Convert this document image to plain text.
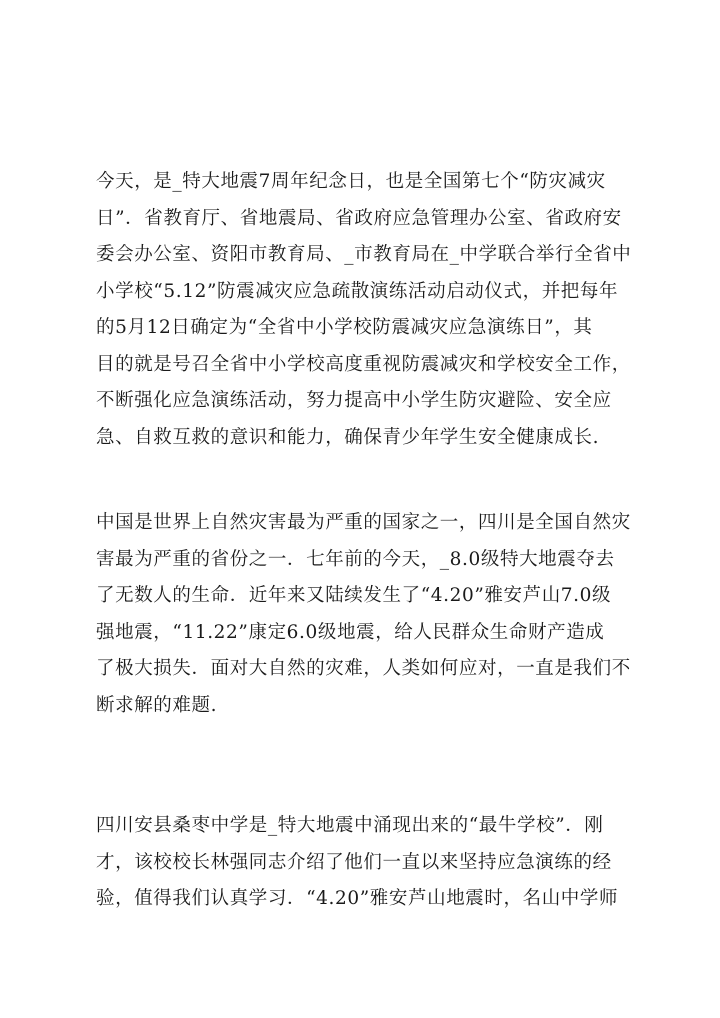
今天，是_特大地震7周年纪念日，也是全国第七个“防灾减灾
日”．省教育厅、省地震局、省政府应急管理办公室、省政府安
委会办公室、资阳市教育局、_市教育局在_中学联合举行全省中
小学校“5.12”防震减灾应急疏散演练活动启动仪式，并把每年
的5月12日确定为“全省中小学校防震减灾应急演练日”，其
目的就是号召全省中小学校高度重视防震减灾和学校安全工作，
不断强化应急演练活动，努力提高中小学生防灾避险、安全应
急、自救互救的意识和能力，确保青少年学生安全健康成长.
中国是世界上自然灾害最为严重的国家之一，四川是全国自然灾
害最为严重的省份之一．七年前的今天，_8.0级特大地震夺去
了无数人的生命．近年来又陆续发生了“4.20”雅安芦山7.0级
强地震，“11.22”康定6.0级地震，给人民群众生命财产造成
了极大损失．面对大自然的灾难，人类如何应对，一直是我们不
断求解的难题.
四川安县桑枣中学是_特大地震中涌现出来的“最牛学校”．刚
才，该校校长林强同志介绍了他们一直以来坚持应急演练的经
验，值得我们认真学习．“4.20”雅安芦山地震时，名山中学师
